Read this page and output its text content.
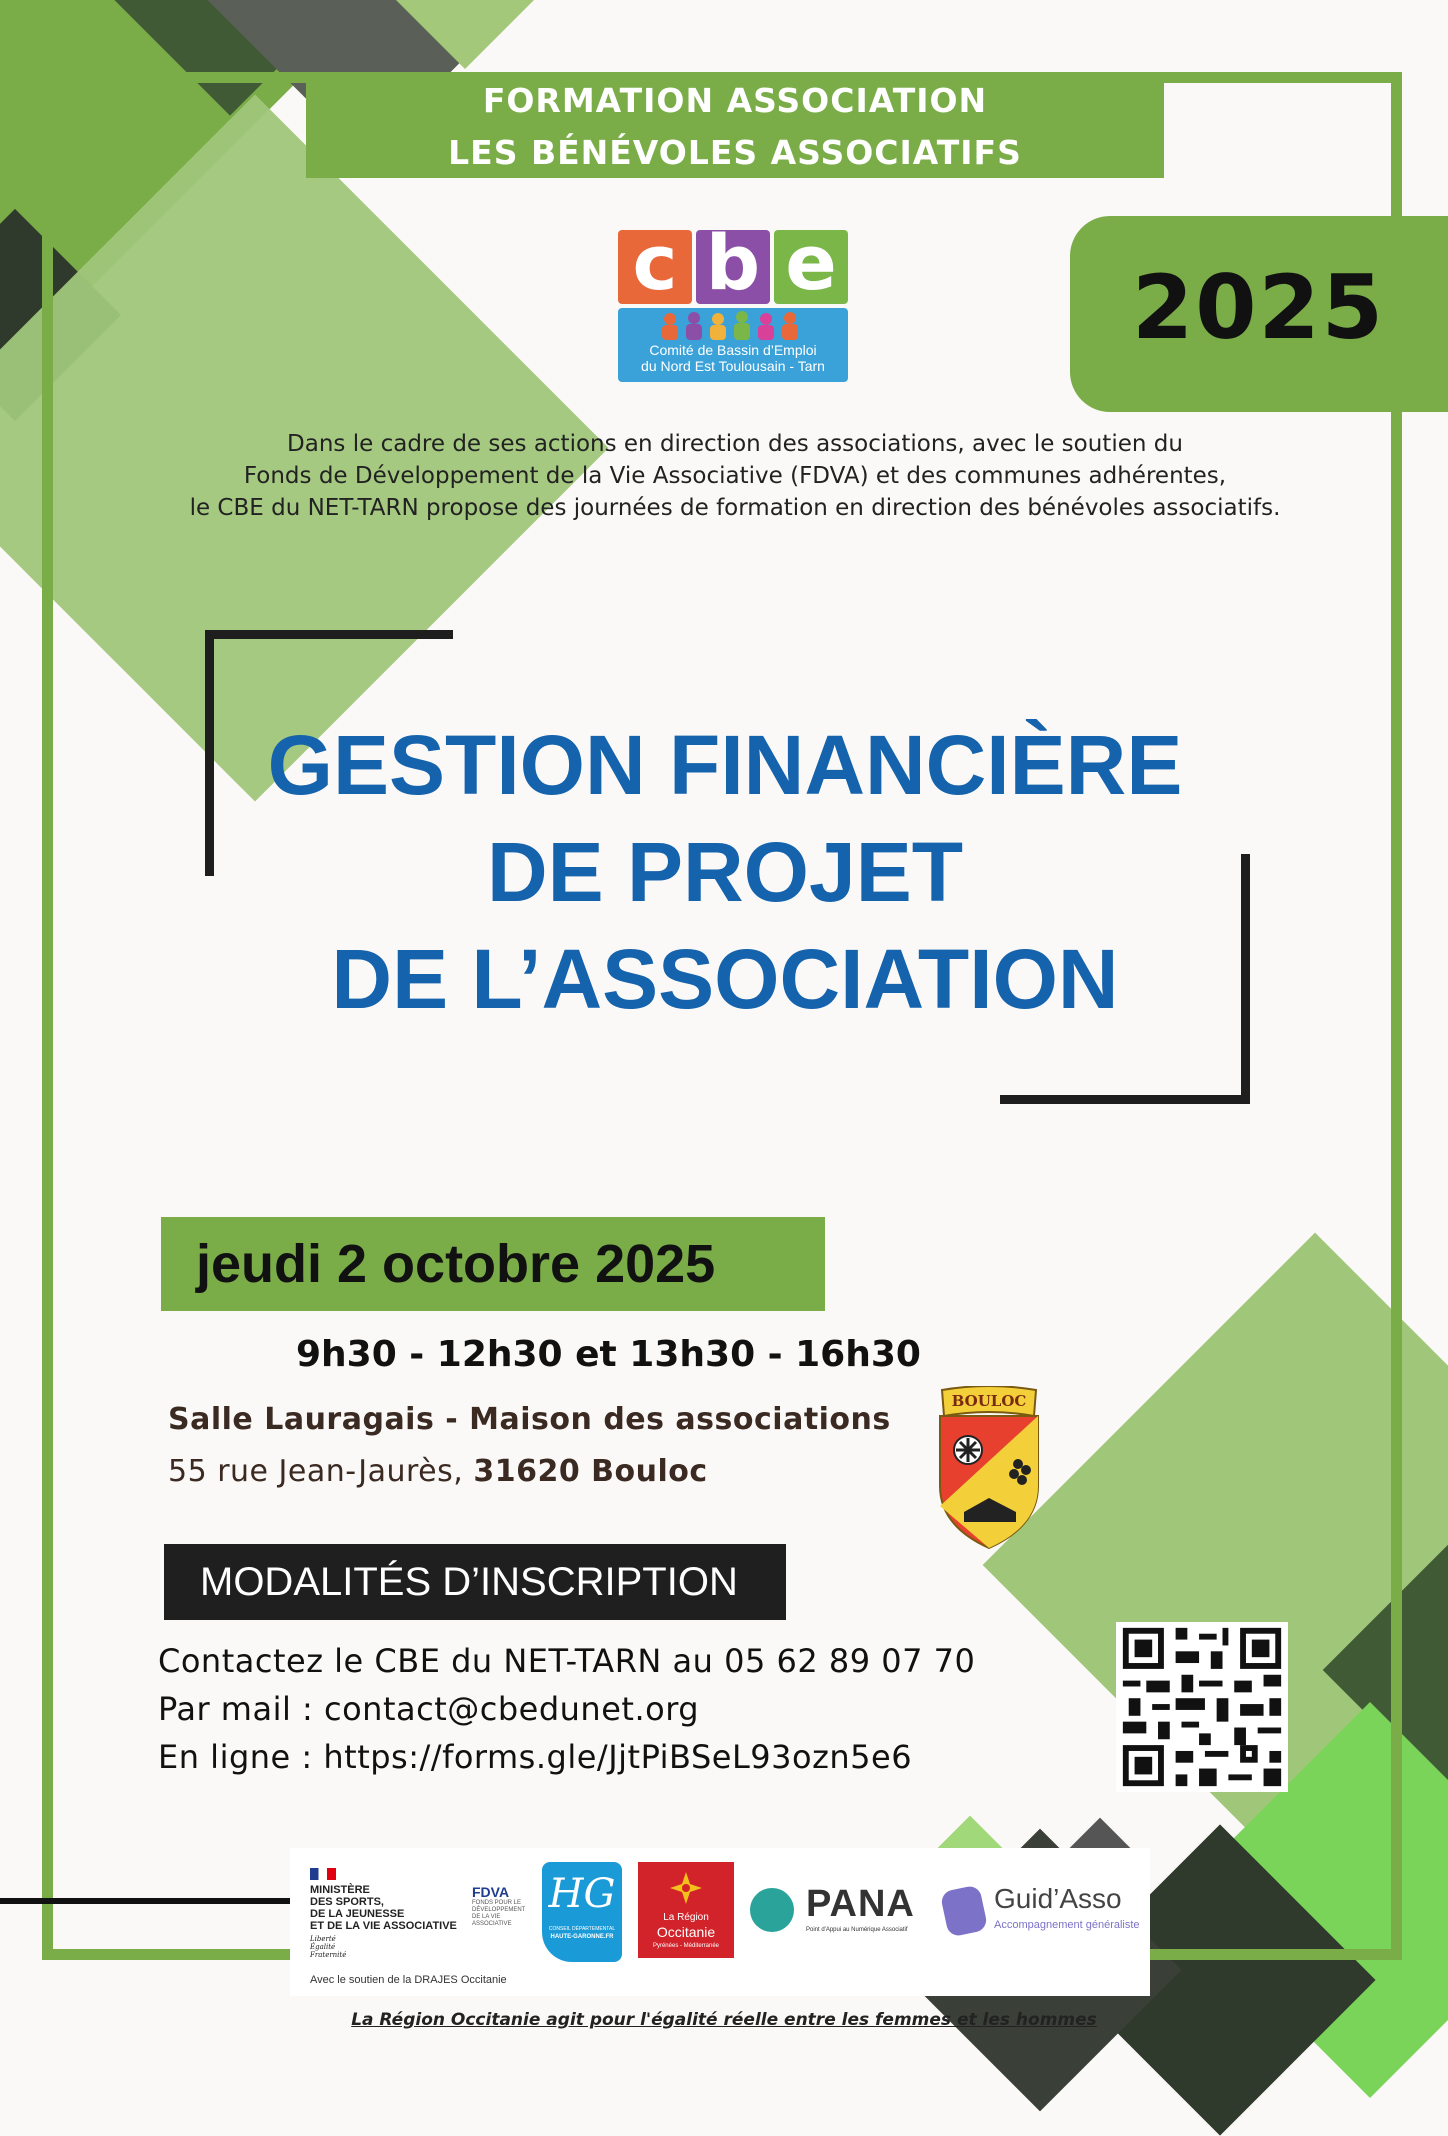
FORMATION ASSOCIATION
LES BÉNÉVOLES ASSOCIATIFS
c b e
Comité de Bassin d’Emploi
du Nord Est Toulousain - Tarn
2025
Dans le cadre de ses actions en direction des associations, avec le soutien du
Fonds de Développement de la Vie Associative (FDVA) et des communes adhérentes,
le CBE du NET-TARN propose des journées de formation en direction des bénévoles associatifs.
GESTION FINANCIÈRE
DE PROJET
DE L’ASSOCIATION
jeudi 2 octobre 2025
9h30 - 12h30 et 13h30 - 16h30
Salle Lauragais - Maison des associations
55 rue Jean-Jaurès, 31620 Bouloc
BOULOC
MODALITÉS D’INSCRIPTION
Contactez le CBE du NET-TARN au 05 62 89 07 70
Par mail : contact@cbedunet.org
En ligne : https://forms.gle/JjtPiBSeL93ozn5e6
MINISTÈRE
DES SPORTS,
DE LA JEUNESSE
ET DE LA VIE ASSOCIATIVE
Liberté
Égalité
Fraternité
FDVA
FONDS POUR LE
DÉVELOPPEMENT
DE LA VIE
ASSOCIATIVE
HG
CONSEIL DÉPARTEMENTAL
HAUTE-GARONNE.FR
La Région
Occitanie
Pyrénées - Méditerranée
PANA
Point d'Appui au Numérique Associatif
Guid’Asso
Accompagnement généraliste
Avec le soutien de la DRAJES Occitanie
La Région Occitanie agit pour l'égalité réelle entre les femmes et les hommes
